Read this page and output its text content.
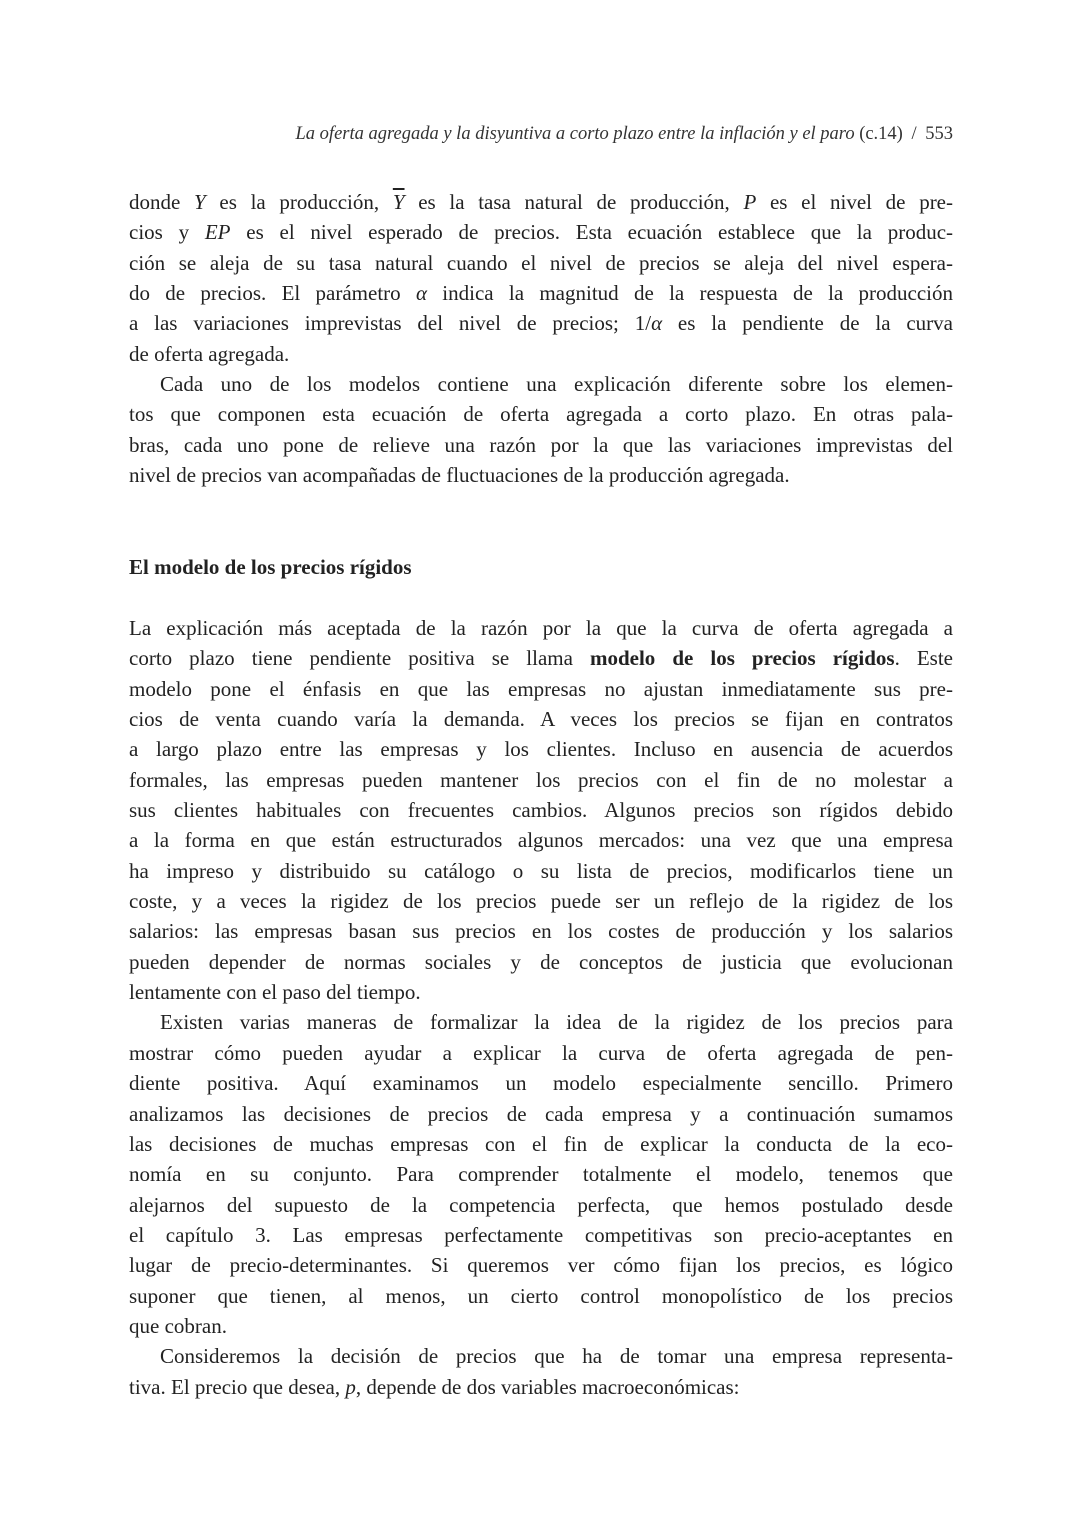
La oferta agregada y la disyuntiva a corto plazo entre la inflación y el paro (c.14) / 553
donde Y es la producción, $\overline{Y}$ es la tasa natural de producción, P es el nivel de pre-
cios y EP es el nivel esperado de precios. Esta ecuación establece que la produc-
ción se aleja de su tasa natural cuando el nivel de precios se aleja del nivel espera-
do de precios. El parámetro α indica la magnitud de la respuesta de la producción
a las variaciones imprevistas del nivel de precios; 1/α es la pendiente de la curva
de oferta agregada.
Cada uno de los modelos contiene una explicación diferente sobre los elemen-
tos que componen esta ecuación de oferta agregada a corto plazo. En otras pala-
bras, cada uno pone de relieve una razón por la que las variaciones imprevistas del
nivel de precios van acompañadas de fluctuaciones de la producción agregada.
El modelo de los precios rígidos
La explicación más aceptada de la razón por la que la curva de oferta agregada a
corto plazo tiene pendiente positiva se llama modelo de los precios rígidos. Este
modelo pone el énfasis en que las empresas no ajustan inmediatamente sus pre-
cios de venta cuando varía la demanda. A veces los precios se fijan en contratos
a largo plazo entre las empresas y los clientes. Incluso en ausencia de acuerdos
formales, las empresas pueden mantener los precios con el fin de no molestar a
sus clientes habituales con frecuentes cambios. Algunos precios son rígidos debido
a la forma en que están estructurados algunos mercados: una vez que una empresa
ha impreso y distribuido su catálogo o su lista de precios, modificarlos tiene un
coste, y a veces la rigidez de los precios puede ser un reflejo de la rigidez de los
salarios: las empresas basan sus precios en los costes de producción y los salarios
pueden depender de normas sociales y de conceptos de justicia que evolucionan
lentamente con el paso del tiempo.
Existen varias maneras de formalizar la idea de la rigidez de los precios para
mostrar cómo pueden ayudar a explicar la curva de oferta agregada de pen-
diente positiva. Aquí examinamos un modelo especialmente sencillo. Primero
analizamos las decisiones de precios de cada empresa y a continuación sumamos
las decisiones de muchas empresas con el fin de explicar la conducta de la eco-
nomía en su conjunto. Para comprender totalmente el modelo, tenemos que
alejarnos del supuesto de la competencia perfecta, que hemos postulado desde
el capítulo 3. Las empresas perfectamente competitivas son precio-aceptantes en
lugar de precio-determinantes. Si queremos ver cómo fijan los precios, es lógico
suponer que tienen, al menos, un cierto control monopolístico de los precios
que cobran.
Consideremos la decisión de precios que ha de tomar una empresa representa-
tiva. El precio que desea, p, depende de dos variables macroeconómicas:
